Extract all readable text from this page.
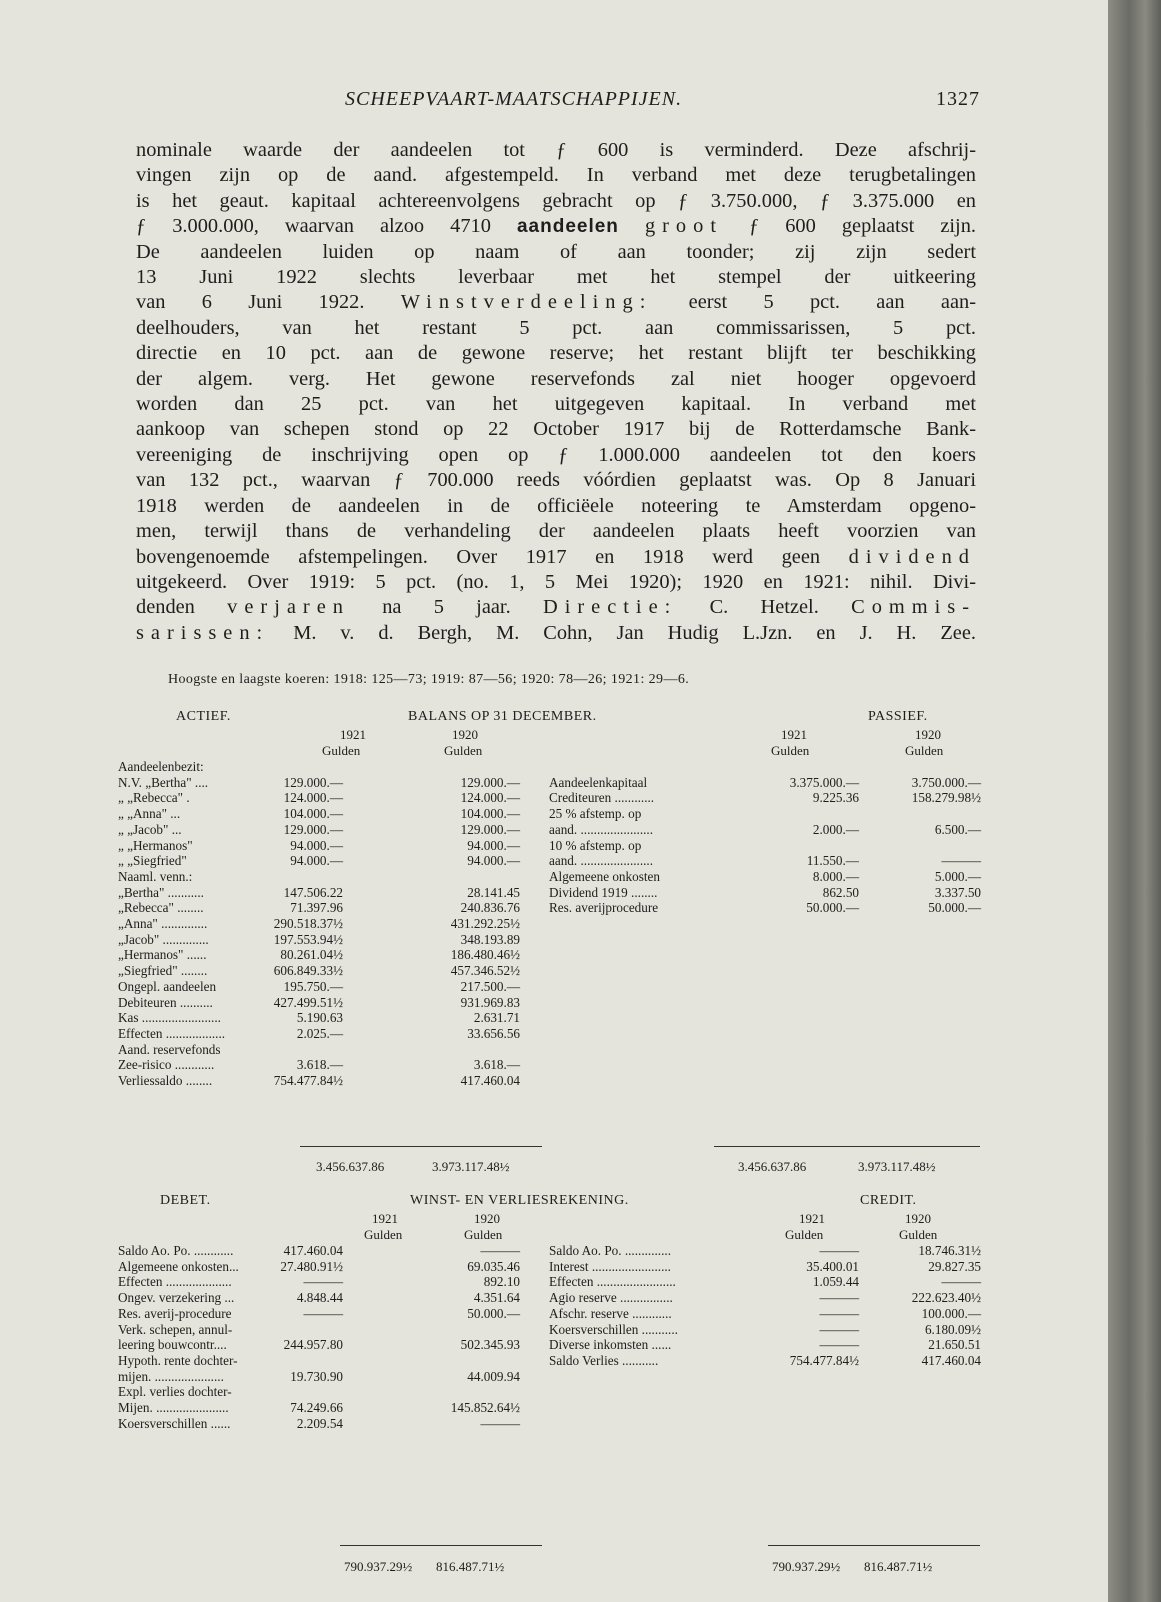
SCHEEPVAART-MAATSCHAPPIJEN.	1327
nominale waarde der aandeelen tot ƒ 600 is verminderd. Deze afschrij-
vingen zijn op de aand. afgestempeld. In verband met deze terugbetalingen
is het geaut. kapitaal achtereenvolgens gebracht op ƒ 3.750.000, ƒ 3.375.000 en
ƒ 3.000.000, waarvan alzoo 4710 aandeelen groot ƒ 600 geplaatst zijn.
De aandeelen luiden op naam of aan toonder; zij zijn sedert
13 Juni 1922 slechts leverbaar met het stempel der uitkeering
van 6 Juni 1922. Winstverdeeling: eerst 5 pct. aan aan-
deelhouders, van het restant 5 pct. aan commissarissen, 5 pct.
directie en 10 pct. aan de gewone reserve; het restant blijft ter beschikking
der algem. verg. Het gewone reservefonds zal niet hooger opgevoerd
worden dan 25 pct. van het uitgegeven kapitaal. In verband met
aankoop van schepen stond op 22 October 1917 bij de Rotterdamsche Bank-
vereeniging de inschrijving open op ƒ 1.000.000 aandeelen tot den koers
van 132 pct., waarvan ƒ 700.000 reeds vóórdien geplaatst was. Op 8 Januari
1918 werden de aandeelen in de officiëele noteering te Amsterdam opgeno-
men, terwijl thans de verhandeling der aandeelen plaats heeft voorzien van
bovengenoemde afstempelingen. Over 1917 en 1918 werd geen dividend
uitgekeerd. Over 1919: 5 pct. (no. 1, 5 Mei 1920); 1920 en 1921: nihil. Divi-
denden verjaren na 5 jaar. Directie: C. Hetzel. Commis-
sarissen: M. v. d. Bergh, M. Cohn, Jan Hudig L.Jzn. en J. H. Zee.
Hoogste en laagste koeren: 1918: 125—73; 1919: 87—56; 1920: 78—26; 1921: 29—6.
ACTIEF.	BALANS OP 31 DECEMBER.	PASSIEF.
1921	1920
Gulden	Gulden
Aandeelenbezit:
N.V. „Bertha" ....	129.000.—	129.000.—
„ „Rebecca" .	124.000.—	124.000.—
„ „Anna" ...	104.000.—	104.000.—
„ „Jacob" ...	129.000.—	129.000.—
„ „Hermanos"	94.000.—	94.000.—
„ „Siegfried"	94.000.—	94.000.—
Naaml. venn.:
„Bertha" ...........	147.506.22	28.141.45
„Rebecca" ........	71.397.96	240.836.76
„Anna" ..............	290.518.37½	431.292.25½
„Jacob" ..............	197.553.94½	348.193.89
„Hermanos" ......	80.261.04½	186.480.46½
„Siegfried" ........	606.849.33½	457.346.52½
Ongepl. aandeelen	195.750.—	217.500.—
Debiteuren ..........	427.499.51½	931.969.83
Kas ........................	5.190.63	2.631.71
Effecten ..................	2.025.—	33.656.56
Aand. reservefonds
Zee-risico ............	3.618.—	3.618.—
Verliessaldo ........	754.477.84½	417.460.04
1921	1920
Gulden	Gulden
Aandeelenkapitaal	3.375.000.—	3.750.000.—
Crediteuren ............	9.225.36	158.279.98½
25 % afstemp. op
aand. ......................	2.000.—	6.500.—
10 % afstemp. op
aand. ......................	11.550.—	———
Algemeene onkosten	8.000.—	5.000.—
Dividend 1919 ........	862.50	3.337.50
Res. averijprocedure	50.000.—	50.000.—
3.456.637.86	3.973.117.48½	3.456.637.86	3.973.117.48½
DEBET.	WINST- EN VERLIESREKENING.	CREDIT.
1921	1920
Gulden	Gulden
Saldo Ao. Po. ............	417.460.04	———
Algemeene onkosten...	27.480.91½	69.035.46
Effecten ....................	———	892.10
Ongev. verzekering ...	4.848.44	4.351.64
Res. averij-procedure	———	50.000.—
Verk. schepen, annul-
leering bouwcontr....	244.957.80	502.345.93
Hypoth. rente dochter-
mijen. .....................	19.730.90	44.009.94
Expl. verlies dochter-
Mijen. ......................	74.249.66	145.852.64½
Koersverschillen ......	2.209.54	———
1921	1920
Gulden	Gulden
Saldo Ao. Po. ..............	———	18.746.31½
Interest ........................	35.400.01	29.827.35
Effecten ........................	1.059.44	———
Agio reserve ................	———	222.623.40½
Afschr. reserve ............	———	100.000.—
Koersverschillen ...........	———	6.180.09½
Diverse inkomsten ......	———	21.650.51
Saldo Verlies ...........	754.477.84½	417.460.04
790.937.29½ 816.487.71½	790.937.29½ 816.487.71½
